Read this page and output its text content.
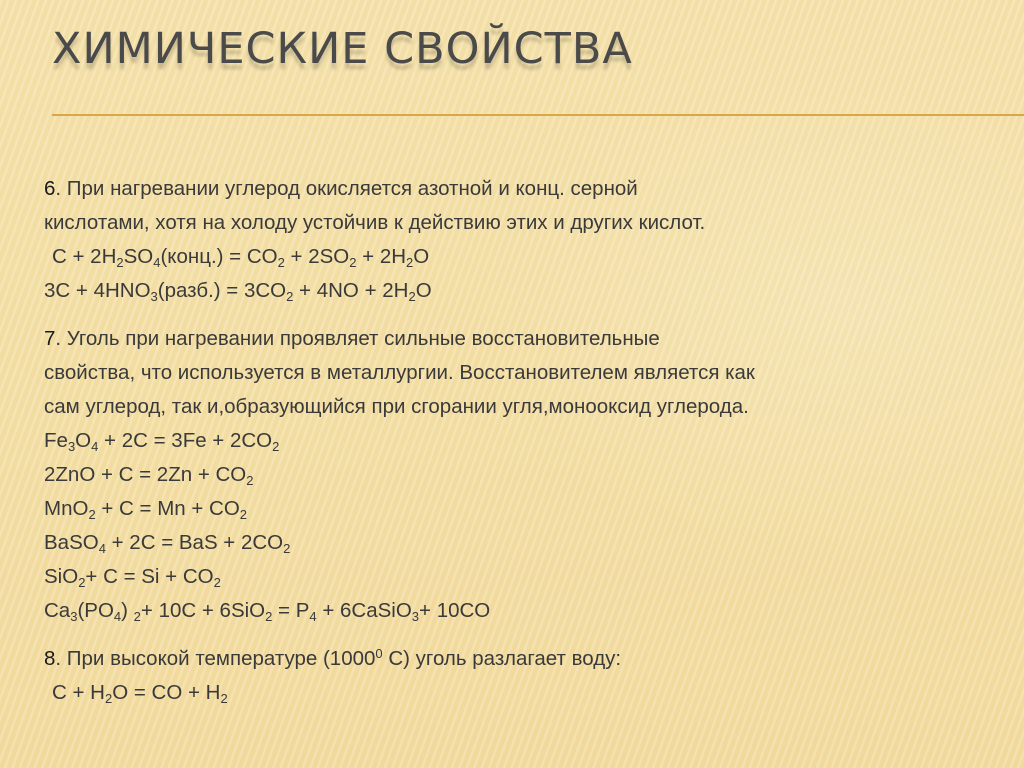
ХИМИЧЕСКИЕ СВОЙСТВА
6. При нагревании углерод окисляется азотной и конц. серной
кислотами, хотя на холоду устойчив к действию этих и других кислот.
$C + 2H_2SO_4(конц.) = CO_2 + 2SO_2 + 2H_2O$
$3C + 4HNO_3(разб.) = 3CO_2 + 4NO + 2H_2O$
7. Уголь при нагревании проявляет сильные восстановительные
свойства, что используется в металлургии. Восстановителем является как
сам углерод, так и,образующийся при сгорании угля,монооксид углерода.
$Fe_3O_4 + 2C = 3Fe + 2CO_2$
$2ZnO + C = 2Zn + CO_2$
$MnO_2 + C = Mn + CO_2$
BaSO$_4$ + 2C = BaS + $2CO_2$
$SiO_2+ C = Si + CO_2$
$Ca_3(PO_4)$ $_2+ 10C + 6SiO_2 = P_4$ + 6CaSiO$_3$+ 10CO
8. При высокой температуре (1000$^0$ С) уголь разлагает воду:
$C + H_2O$ = CO + $H_2$
